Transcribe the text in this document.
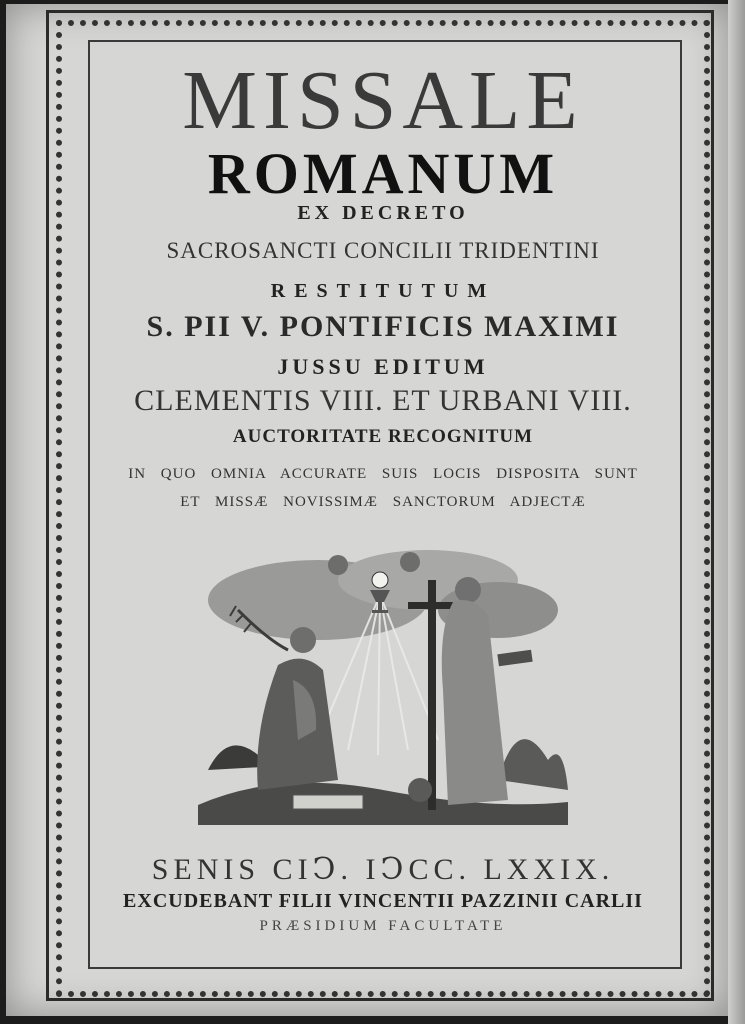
MISSALE
ROMANUM
EX DECRETO
SACROSANCTI CONCILII TRIDENTINI
RESTITUTUM
S. PII V. PONTIFICIS MAXIMI
JUSSU EDITUM
CLEMENTIS VIII. ET URBANI VIII.
AUCTORITATE RECOGNITUM
IN QUO OMNIA ACCURATE SUIS LOCIS DISPOSITA SUNT
ET MISSÆ NOVISSIMÆ SANCTORUM ADJECTÆ
SENIS CIↃ. IↃCC. LXXIX.
EXCUDEBANT FILII VINCENTII PAZZINII CARLII
PRÆSIDIUM FACULTATE
